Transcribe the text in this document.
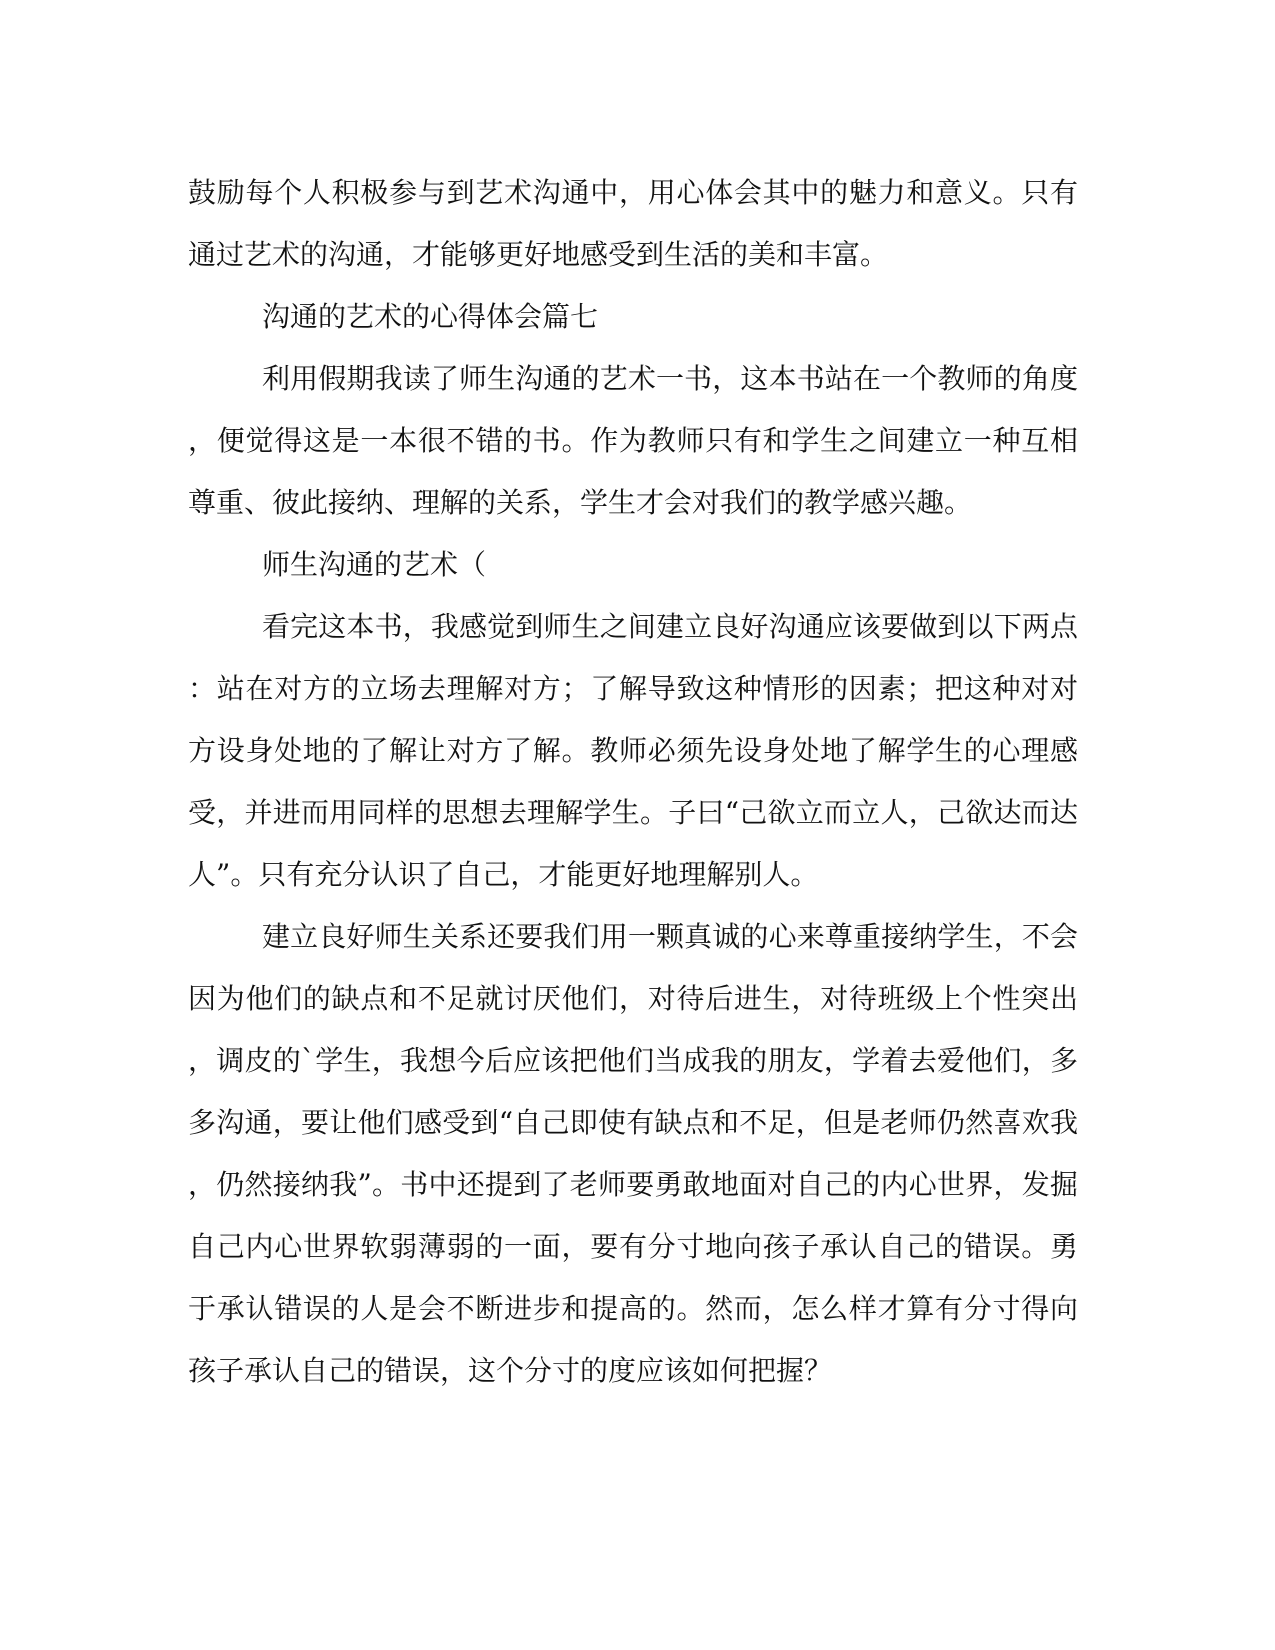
鼓励每个人积极参与到艺术沟通中，用心体会其中的魅力和意义。只有通过艺术的沟通，才能够更好地感受到生活的美和丰富。

沟通的艺术的心得体会篇七

利用假期我读了师生沟通的艺术一书，这本书站在一个教师的角度，便觉得这是一本很不错的书。作为教师只有和学生之间建立一种互相尊重、彼此接纳、理解的关系，学生才会对我们的教学感兴趣。

师生沟通的艺术（

看完这本书，我感觉到师生之间建立良好沟通应该要做到以下两点：站在对方的立场去理解对方；了解导致这种情形的因素；把这种对对方设身处地的了解让对方了解。教师必须先设身处地了解学生的心理感受，并进而用同样的思想去理解学生。子曰“己欲立而立人，己欲达而达人”。只有充分认识了自己，才能更好地理解别人。

建立良好师生关系还要我们用一颗真诚的心来尊重接纳学生，不会因为他们的缺点和不足就讨厌他们，对待后进生，对待班级上个性突出，调皮的`学生，我想今后应该把他们当成我的朋友，学着去爱他们，多多沟通，要让他们感受到“自己即使有缺点和不足，但是老师仍然喜欢我，仍然接纳我”。书中还提到了老师要勇敢地面对自己的内心世界，发掘自己内心世界软弱薄弱的一面，要有分寸地向孩子承认自己的错误。勇于承认错误的人是会不断进步和提高的。然而，怎么样才算有分寸得向孩子承认自己的错误，这个分寸的度应该如何把握？
